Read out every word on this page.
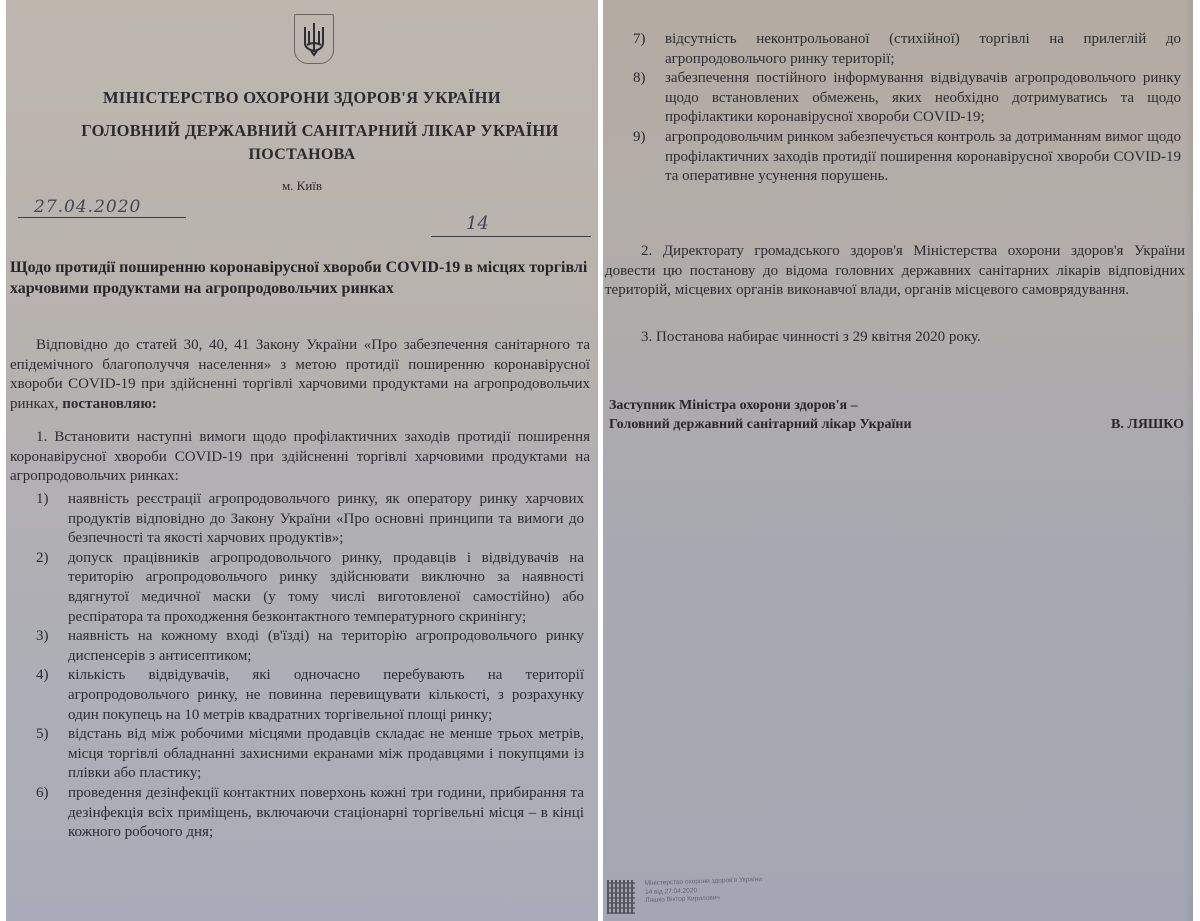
МІНІСТЕРСТВО ОХОРОНИ ЗДОРОВ'Я УКРАЇНИ
ГОЛОВНИЙ ДЕРЖАВНИЙ САНІТАРНИЙ ЛІКАР УКРАЇНИ
ПОСТАНОВА
м. Київ
27.04.2020
14
Щодо протидії поширенню коронавірусної хвороби COVID-19 в місцях торгівлі харчовими продуктами на агропродовольчих ринках
Відповідно до статей 30, 40, 41 Закону України «Про забезпечення санітарного та епідемічного благополуччя населення» з метою протидії поширенню коронавірусної хвороби COVID-19 при здійсненні торгівлі харчовими продуктами на агропродовольчих ринках, постановляю:
1. Встановити наступні вимоги щодо профілактичних заходів протидії поширення коронавірусної хвороби COVID-19 при здійсненні торгівлі харчовими продуктами на агропродовольчих ринках:
1)	наявність реєстрації агропродовольчого ринку, як оператору ринку харчових продуктів відповідно до Закону України «Про основні принципи та вимоги до безпечності та якості харчових продуктів»;
2)	допуск працівників агропродовольчого ринку, продавців і відвідувачів на територію агропродовольчого ринку здійснювати виключно за наявності вдягнутої медичної маски (у тому числі виготовленої самостійно) або респіратора та проходження безконтактного температурного скринінгу;
3)	наявність на кожному вході (в'їзді) на територію агропродовольчого ринку диспенсерів з антисептиком;
4)	кількість відвідувачів, які одночасно перебувають на території агропродовольчого ринку, не повинна перевищувати кількості, з розрахунку один покупець на 10 метрів квадратних торгівельної площі ринку;
5)	відстань від між робочими місцями продавців складає не менше трьох метрів, місця торгівлі обладнанні захисними екранами між продавцями і покупцями із плівки або пластику;
6)	проведення дезінфекції контактних поверхонь кожні три години, прибирання та дезінфекція всіх приміщень, включаючи стаціонарні торгівельні місця – в кінці кожного робочого дня;
7)	відсутність неконтрольованої (стихійної) торгівлі на прилеглій до агропродовольчого ринку території;
8)	забезпечення постійного інформування відвідувачів агропродовольчого ринку щодо встановлених обмежень, яких необхідно дотримуватись та щодо профілактики коронавірусної хвороби COVID-19;
9)	агропродовольчим ринком забезпечується контроль за дотриманням вимог щодо профілактичних заходів протидії поширення коронавірусної хвороби COVID-19 та оперативне усунення порушень.
2. Директорату громадського здоров'я Міністерства охорони здоров'я України довести цю постанову до відома головних державних санітарних лікарів відповідних територій, місцевих органів виконавчої влади, органів місцевого самоврядування.
3. Постанова набирає чинності з 29 квітня 2020 року.
Заступник Міністра охорони здоров'я –
Головний державний санітарний лікар України	В. ЛЯШКО
Міністерство охорони здоров'я України
14 від 27.04.2020
Ляшко Віктор Кирилович
